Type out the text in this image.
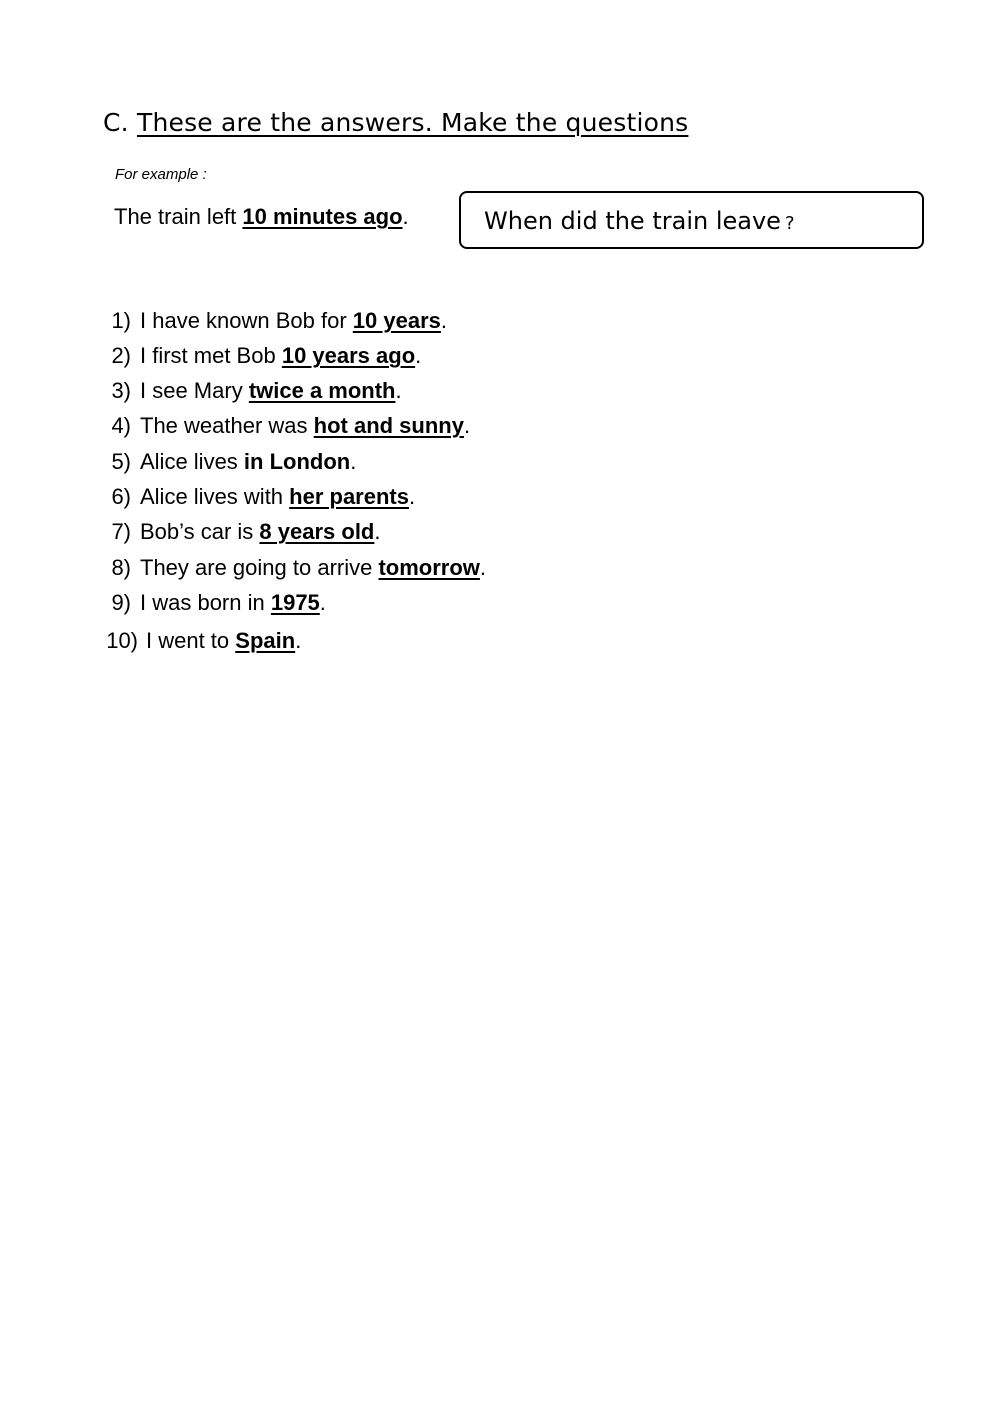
C. These are the answers. Make the questions
For example :
The train left 10 minutes ago.	When did the train leave ?
1) I have known Bob for 10 years.
2) I first met Bob 10 years ago.
3) I see Mary twice a month.
4) The weather was hot and sunny.
5) Alice lives in London.
6) Alice lives with her parents.
7) Bob’s car is 8 years old.
8) They are going to arrive tomorrow.
9) I was born in 1975.
10) I went to Spain.
